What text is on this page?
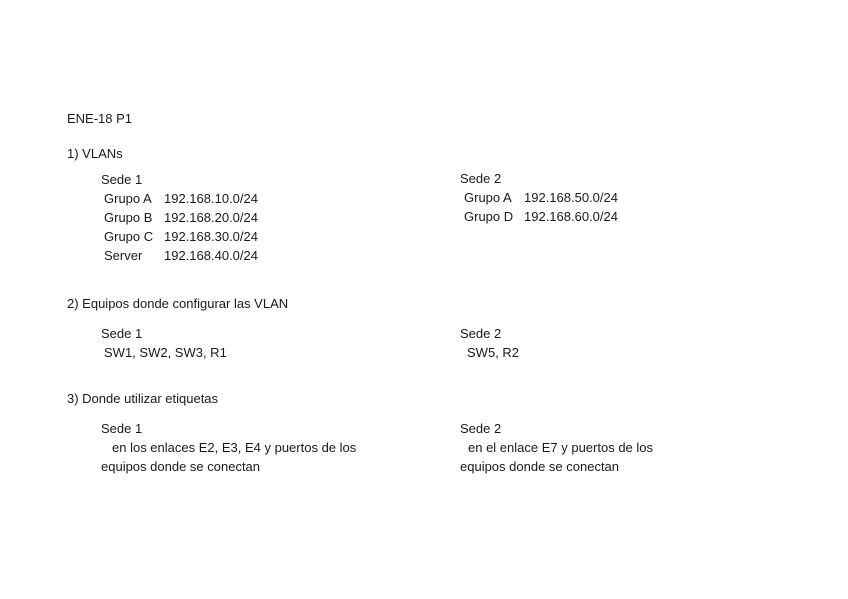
ENE-18 P1
1) VLANs
Sede 1
Grupo A 192.168.10.0/24
Grupo B 192.168.20.0/24
Grupo C 192.168.30.0/24
Server 192.168.40.0/24
Sede 2
Grupo A 192.168.50.0/24
Grupo D 192.168.60.0/24
2) Equipos donde configurar las VLAN
Sede 1
SW1, SW2, SW3, R1
Sede 2
SW5, R2
3) Donde utilizar etiquetas
Sede 1
en los enlaces E2, E3, E4 y puertos de los
equipos donde se conectan
Sede 2
en el enlace E7 y puertos de los
equipos donde se conectan
